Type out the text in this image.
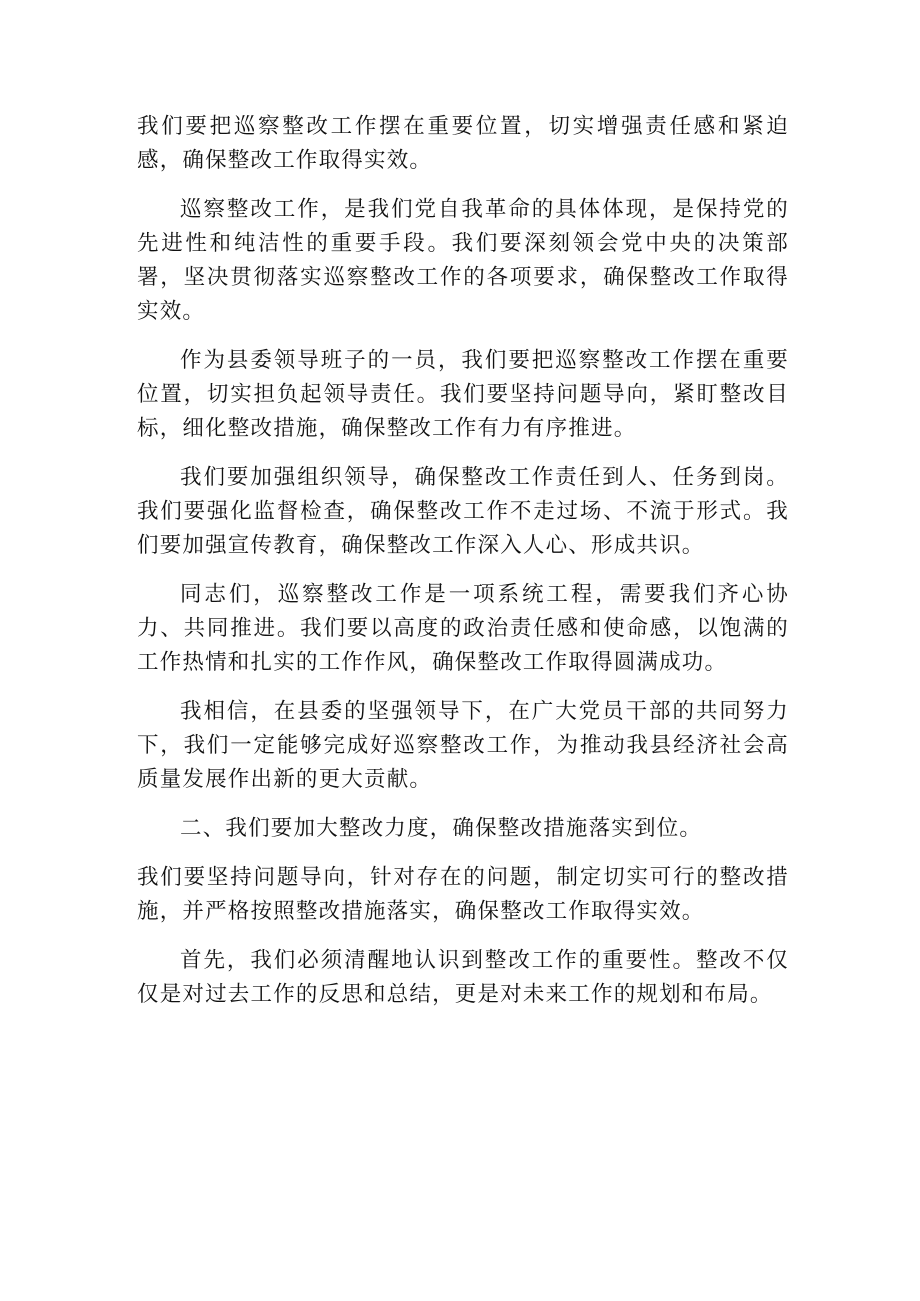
我们要把巡察整改工作摆在重要位置，切实增强责任感和紧迫感，确保整改工作取得实效。

巡察整改工作，是我们党自我革命的具体体现，是保持党的先进性和纯洁性的重要手段。我们要深刻领会党中央的决策部署，坚决贯彻落实巡察整改工作的各项要求，确保整改工作取得实效。

作为县委领导班子的一员，我们要把巡察整改工作摆在重要位置，切实担负起领导责任。我们要坚持问题导向，紧盯整改目标，细化整改措施，确保整改工作有力有序推进。

我们要加强组织领导，确保整改工作责任到人、任务到岗。我们要强化监督检查，确保整改工作不走过场、不流于形式。我们要加强宣传教育，确保整改工作深入人心、形成共识。

同志们，巡察整改工作是一项系统工程，需要我们齐心协力、共同推进。我们要以高度的政治责任感和使命感，以饱满的工作热情和扎实的工作作风，确保整改工作取得圆满成功。

我相信，在县委的坚强领导下，在广大党员干部的共同努力下，我们一定能够完成好巡察整改工作，为推动我县经济社会高质量发展作出新的更大贡献。

二、我们要加大整改力度，确保整改措施落实到位。

我们要坚持问题导向，针对存在的问题，制定切实可行的整改措施，并严格按照整改措施落实，确保整改工作取得实效。

首先，我们必须清醒地认识到整改工作的重要性。整改不仅仅是对过去工作的反思和总结，更是对未来工作的规划和布局。
